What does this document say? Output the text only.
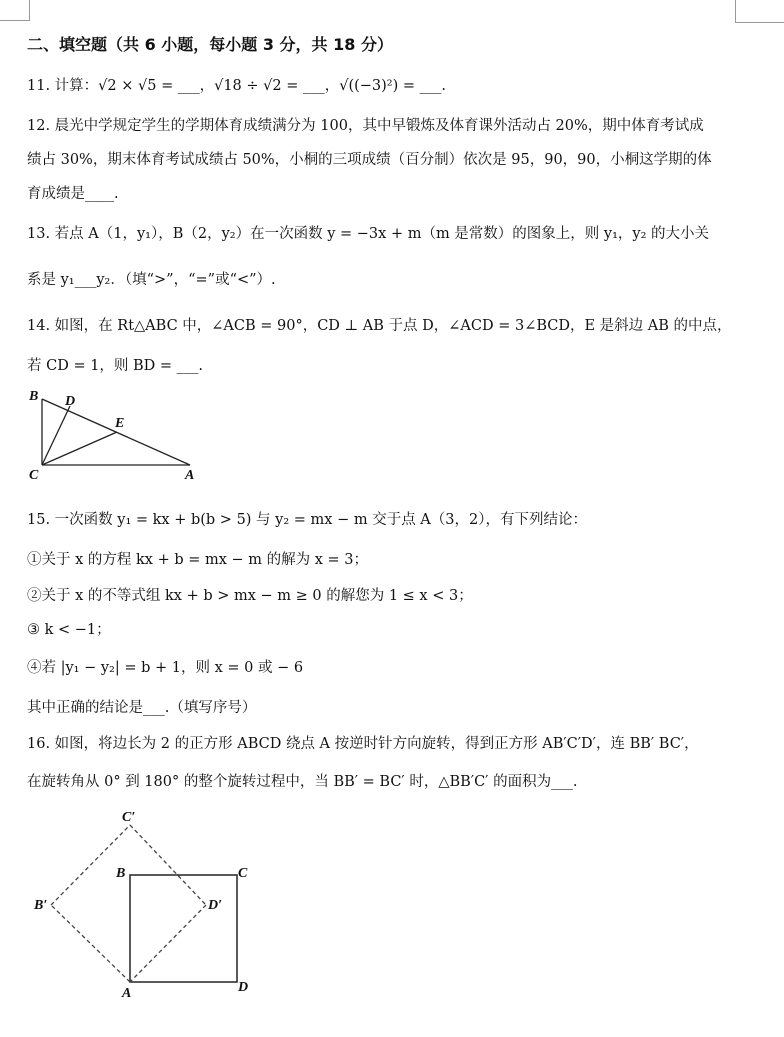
二、填空题（共 6 小题，每小题 3 分，共 18 分）
11. 计算：√2 × √5 = ___，√18 ÷ √2 = ___，√((−3)²) = ___.
12. 晨光中学规定学生的学期体育成绩满分为 100，其中早锻炼及体育课外活动占 20%，期中体育考试成
绩占 30%，期末体育考试成绩占 50%，小桐的三项成绩（百分制）依次是 95，90，90，小桐这学期的体
育成绩是____.
13. 若点 A（1，y₁），B（2，y₂）在一次函数 y = −3x + m（m 是常数）的图象上，则 y₁，y₂ 的大小关
系是 y₁___y₂．（填“>”，“=”或“<”）.
14. 如图，在 Rt△ABC 中，∠ACB = 90°，CD ⊥ AB 于点 D，∠ACD = 3∠BCD，E 是斜边 AB 的中点，
若 CD = 1，则 BD = ___.
B D
E
C	A
15. 一次函数 y₁ = kx + b(b > 5) 与 y₂ = mx − m 交于点 A（3，2），有下列结论：
①关于 x 的方程 kx + b = mx − m 的解为 x = 3；
②关于 x 的不等式组 kx + b > mx − m ≥ 0 的解您为 1 ≤ x < 3；
③ k < −1；
④若 |y₁ − y₂| = b + 1，则 x = 0 或 − 6
其中正确的结论是___.（填写序号）
16. 如图，将边长为 2 的正方形 ABCD 绕点 A 按逆时针方向旋转，得到正方形 AB′C′D′，连 BB′ BC′，
在旋转角从 0° 到 180° 的整个旋转过程中，当 BB′ = BC′ 时，△BB′C′ 的面积为___.
C′
B	C
B′	D′
A	D
